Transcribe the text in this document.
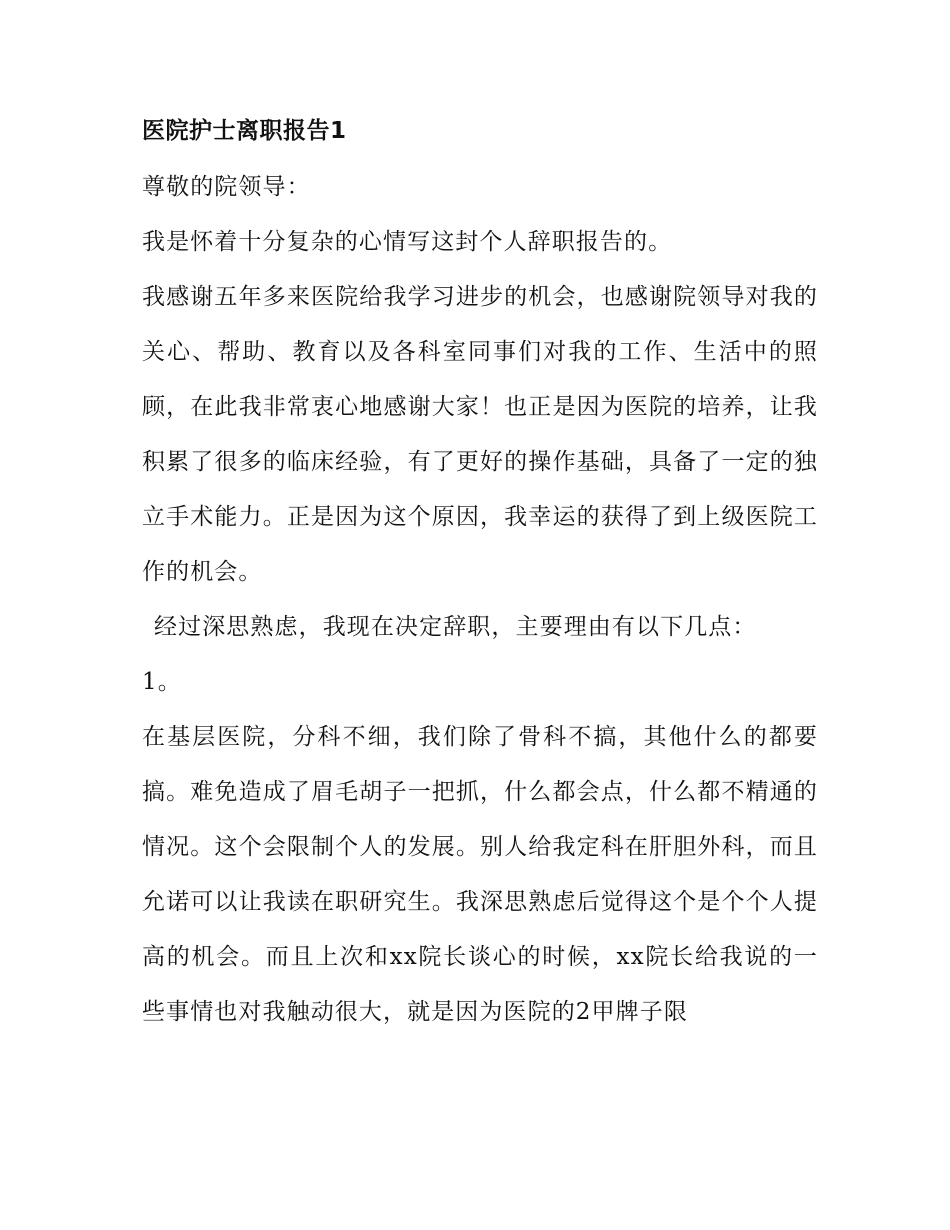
医院护士离职报告1

尊敬的院领导：

我是怀着十分复杂的心情写这封个人辞职报告的。

我感谢五年多来医院给我学习进步的机会，也感谢院领导对我的关心、帮助、教育以及各科室同事们对我的工作、生活中的照顾，在此我非常衷心地感谢大家！也正是因为医院的培养，让我积累了很多的临床经验，有了更好的操作基础，具备了一定的独立手术能力。正是因为这个原因，我幸运的获得了到上级医院工作的机会。

经过深思熟虑，我现在决定辞职，主要理由有以下几点：

1。

在基层医院，分科不细，我们除了骨科不搞，其他什么的都要搞。难免造成了眉毛胡子一把抓，什么都会点，什么都不精通的情况。这个会限制个人的发展。别人给我定科在肝胆外科，而且允诺可以让我读在职研究生。我深思熟虑后觉得这个是个个人提高的机会。而且上次和xx院长谈心的时候，xx院长给我说的一些事情也对我触动很大，就是因为医院的2甲牌子限
